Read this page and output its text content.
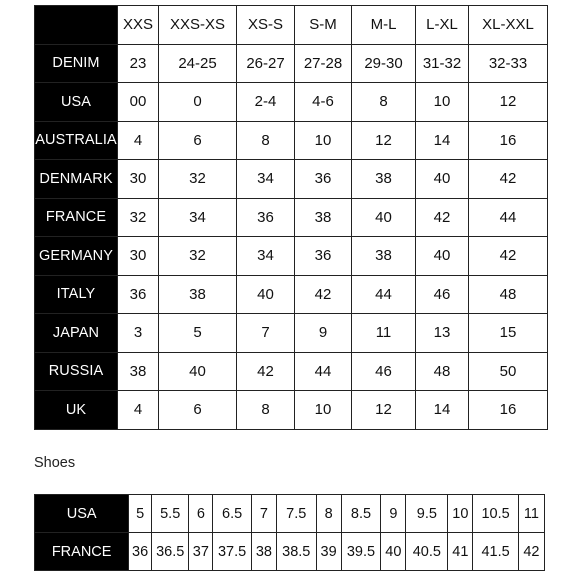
	XXS	XXS-XS	XS-S	S-M	M-L	L-XL	XL-XXL
DENIM	23	24-25	26-27	27-28	29-30	31-32	32-33
USA	00	0	2-4	4-6	8	10	12
AUSTRALIA	4	6	8	10	12	14	16
DENMARK	30	32	34	36	38	40	42
FRANCE	32	34	36	38	40	42	44
GERMANY	30	32	34	36	38	40	42
ITALY	36	38	40	42	44	46	48
JAPAN	3	5	7	9	11	13	15
RUSSIA	38	40	42	44	46	48	50
UK	4	6	8	10	12	14	16
Shoes
USA	5	5.5	6	6.5	7	7.5	8	8.5	9	9.5	10	10.5	11
FRANCE	36	36.5	37	37.5	38	38.5	39	39.5	40	40.5	41	41.5	42
